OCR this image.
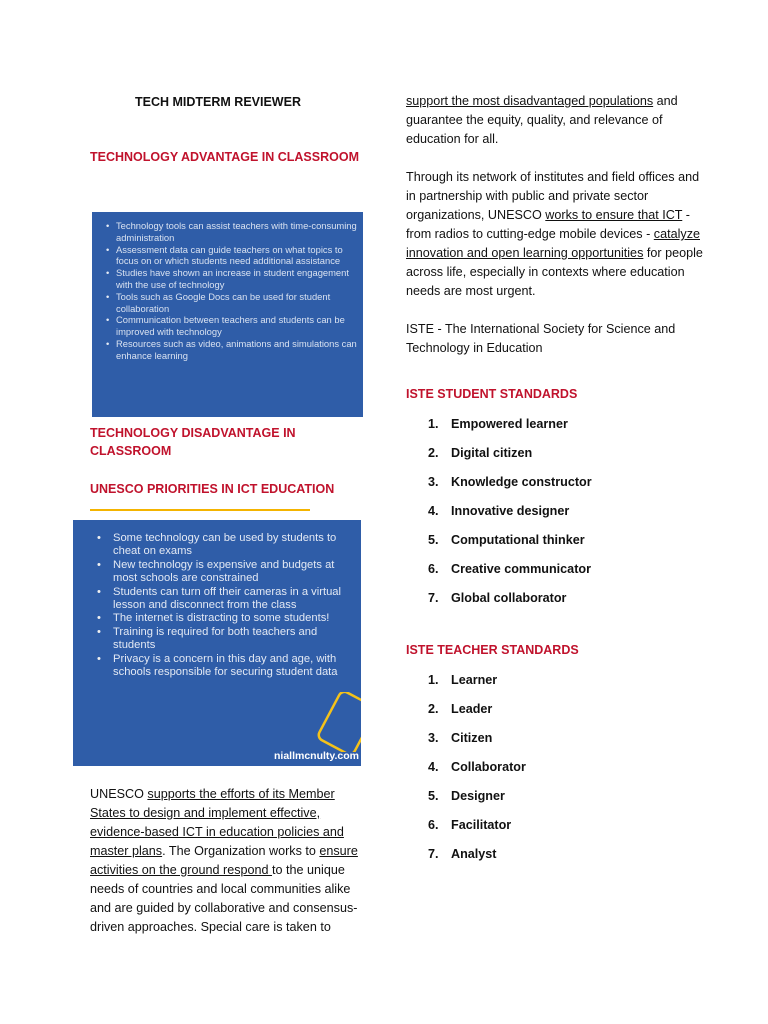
TECH MIDTERM REVIEWER
TECHNOLOGY ADVANTAGE IN CLASSROOM
• Technology tools can assist teachers with time-consuming administration
• Assessment data can guide teachers on what topics to focus on or which students need additional assistance
• Studies have shown an increase in student engagement with the use of technology
• Tools such as Google Docs can be used for student collaboration
• Communication between teachers and students can be improved with technology
• Resources such as video, animations and simulations can enhance learning
TECHNOLOGY DISADVANTAGE IN CLASSROOM
UNESCO PRIORITIES IN ICT EDUCATION
• Some technology can be used by students to cheat on exams
• New technology is expensive and budgets at most schools are constrained
• Students can turn off their cameras in a virtual lesson and disconnect from the class
• The internet is distracting to some students!
• Training is required for both teachers and students
• Privacy is a concern in this day and age, with schools responsible for securing student data
niallmcnulty.com

UNESCO supports the efforts of its Member States to design and implement effective, evidence-based ICT in education policies and master plans. The Organization works to ensure activities on the ground respond to the unique needs of countries and local communities alike and are guided by collaborative and consensus-driven approaches. Special care is taken to

support the most disadvantaged populations and guarantee the equity, quality, and relevance of education for all.

Through its network of institutes and field offices and in partnership with public and private sector organizations, UNESCO works to ensure that ICT - from radios to cutting-edge mobile devices - catalyze innovation and open learning opportunities for people across life, especially in contexts where education needs are most urgent.

ISTE - The International Society for Science and Technology in Education

ISTE STUDENT STANDARDS
1. Empowered learner
2. Digital citizen
3. Knowledge constructor
4. Innovative designer
5. Computational thinker
6. Creative communicator
7. Global collaborator
ISTE TEACHER STANDARDS
1. Learner
2. Leader
3. Citizen
4. Collaborator
5. Designer
6. Facilitator
7. Analyst
